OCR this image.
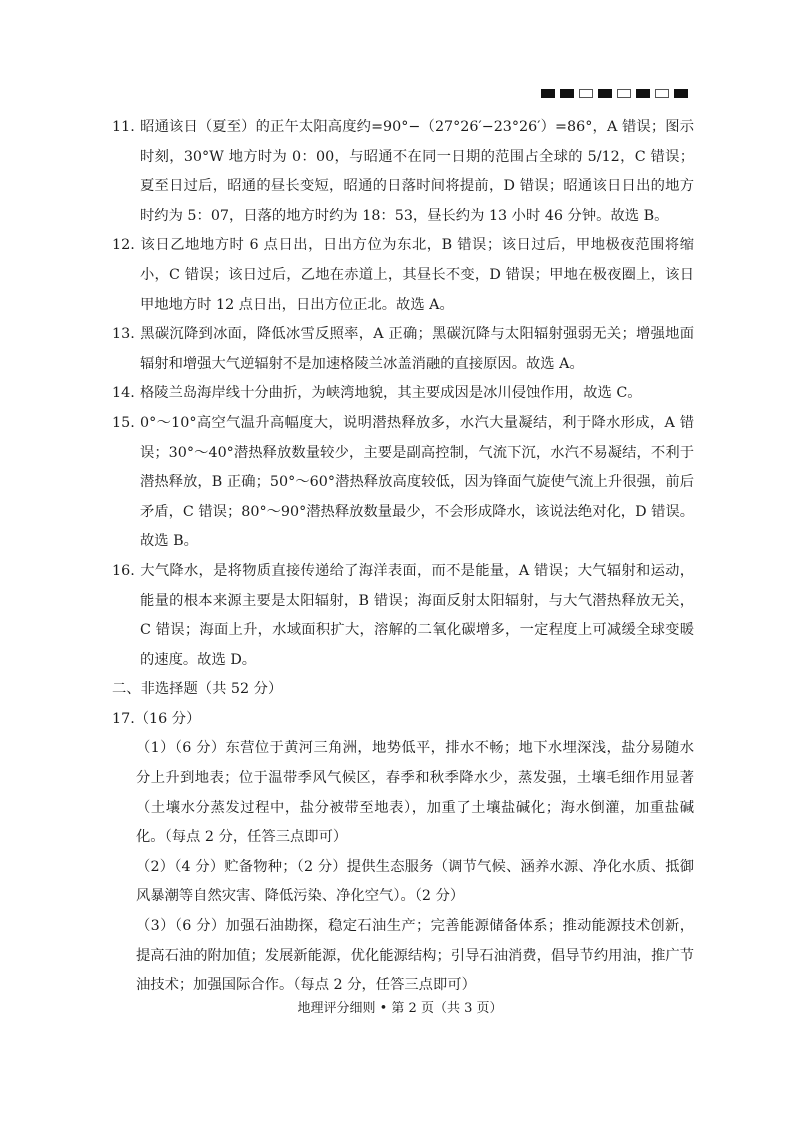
11. 昭通该日（夏至）的正午太阳高度约=90°−（27°26′−23°26′）=86°，A 错误；图示时刻，30°W 地方时为 0：00，与昭通不在同一日期的范围占全球的 5/12，C 错误；夏至日过后，昭通的昼长变短，昭通的日落时间将提前，D 错误；昭通该日日出的地方时约为 5：07，日落的地方时约为 18：53，昼长约为 13 小时 46 分钟。故选 B。

12. 该日乙地地方时 6 点日出，日出方位为东北，B 错误；该日过后，甲地极夜范围将缩小，C 错误；该日过后，乙地在赤道上，其昼长不变，D 错误；甲地在极夜圈上，该日甲地地方时 12 点日出，日出方位正北。故选 A。

13. 黑碳沉降到冰面，降低冰雪反照率，A 正确；黑碳沉降与太阳辐射强弱无关；增强地面辐射和增强大气逆辐射不是加速格陵兰冰盖消融的直接原因。故选 A。

14. 格陵兰岛海岸线十分曲折，为峡湾地貌，其主要成因是冰川侵蚀作用，故选 C。

15. 0°～10°高空气温升高幅度大，说明潜热释放多，水汽大量凝结，利于降水形成，A 错误；30°～40°潜热释放数量较少，主要是副高控制，气流下沉，水汽不易凝结，不利于潜热释放，B 正确；50°～60°潜热释放高度较低，因为锋面气旋使气流上升很强，前后矛盾，C 错误；80°～90°潜热释放数量最少，不会形成降水，该说法绝对化，D 错误。故选 B。

16. 大气降水，是将物质直接传递给了海洋表面，而不是能量，A 错误；大气辐射和运动，能量的根本来源主要是太阳辐射，B 错误；海面反射太阳辐射，与大气潜热释放无关，C 错误；海面上升，水域面积扩大，溶解的二氧化碳增多，一定程度上可减缓全球变暖的速度。故选 D。

二、非选择题（共 52 分）

17.（16 分）

（1）（6 分）东营位于黄河三角洲，地势低平，排水不畅；地下水埋深浅，盐分易随水分上升到地表；位于温带季风气候区，春季和秋季降水少，蒸发强，土壤毛细作用显著（土壤水分蒸发过程中，盐分被带至地表），加重了土壤盐碱化；海水倒灌，加重盐碱化。（每点 2 分，任答三点即可）

（2）（4 分）贮备物种；（2 分）提供生态服务（调节气候、涵养水源、净化水质、抵御风暴潮等自然灾害、降低污染、净化空气）。（2 分）

（3）（6 分）加强石油勘探，稳定石油生产；完善能源储备体系；推动能源技术创新，提高石油的附加值；发展新能源，优化能源结构；引导石油消费，倡导节约用油，推广节油技术；加强国际合作。（每点 2 分，任答三点即可）

地理评分细则 • 第 2 页（共 3 页）
